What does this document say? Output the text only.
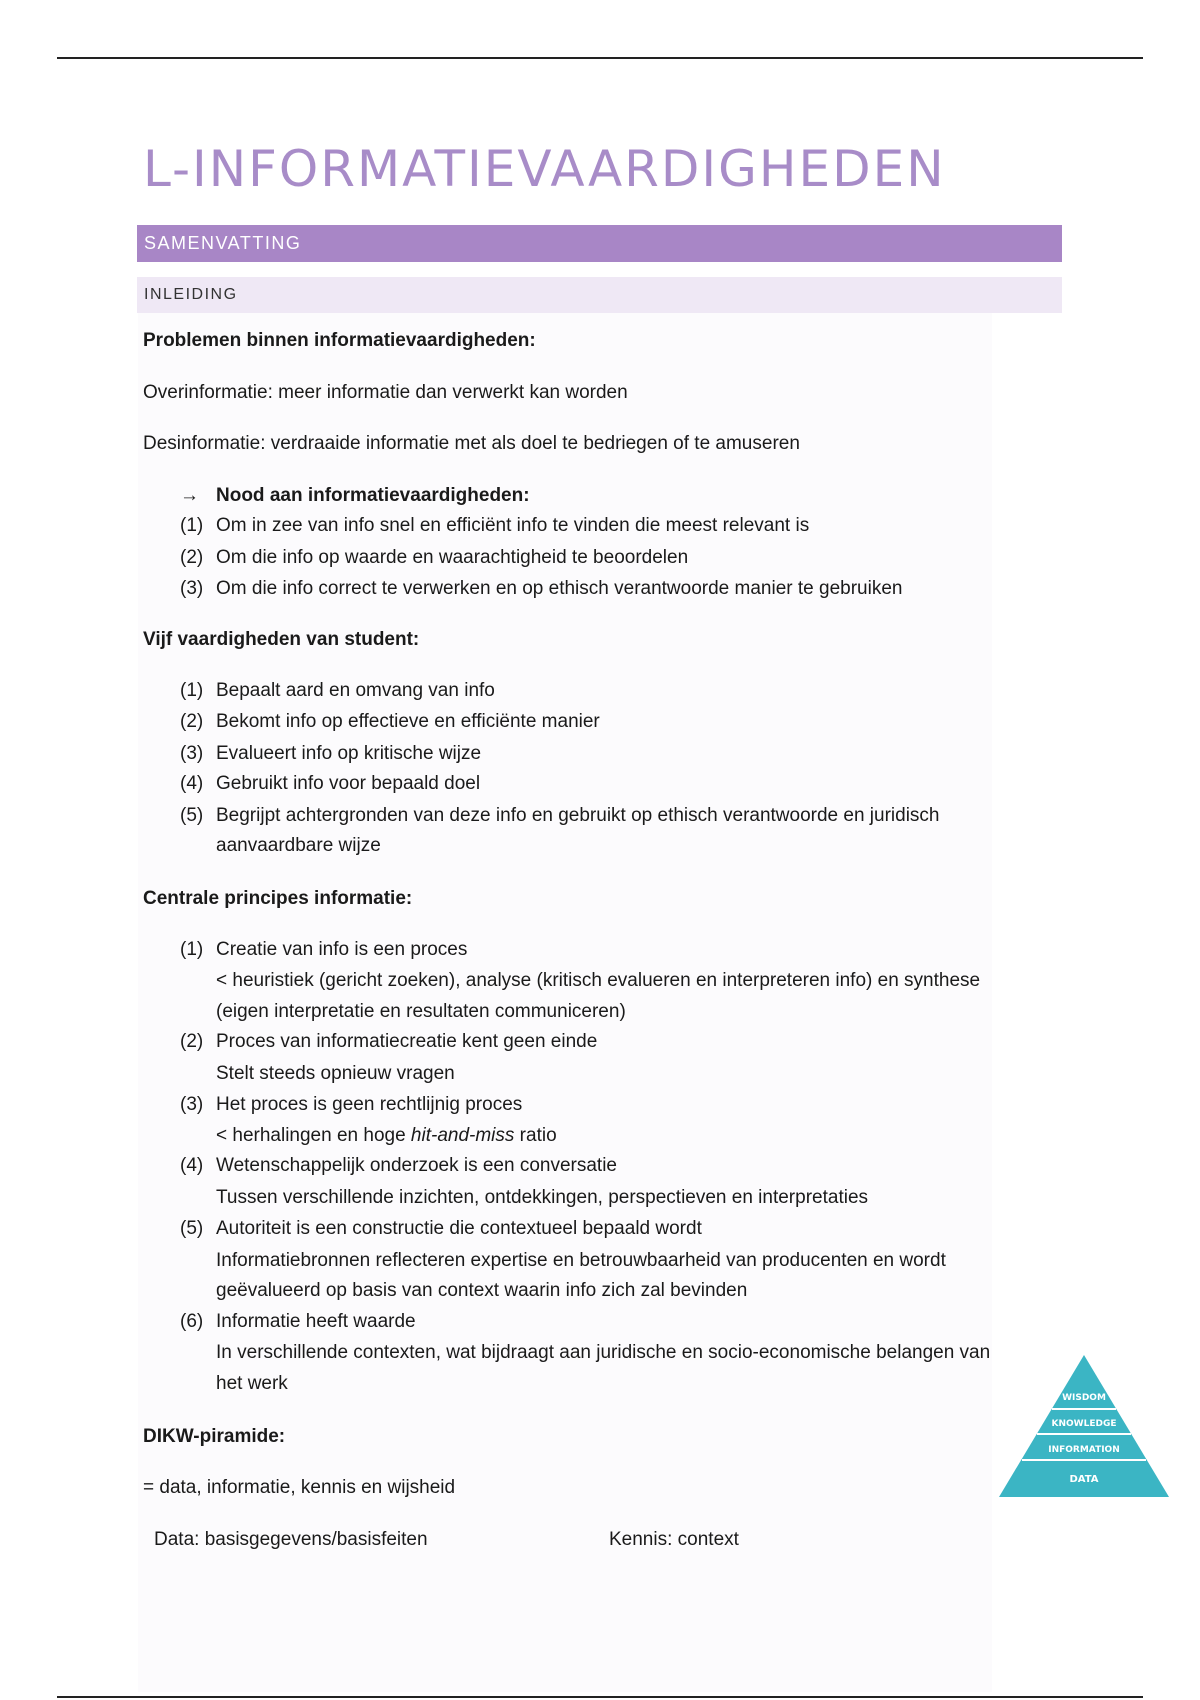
L-INFORMATIEVAARDIGHEDEN
SAMENVATTING
INLEIDING

Problemen binnen informatievaardigheden:

Overinformatie: meer informatie dan verwerkt kan worden

Desinformatie: verdraaide informatie met als doel te bedriegen of te amuseren

→ Nood aan informatievaardigheden:
(1) Om in zee van info snel en efficiënt info te vinden die meest relevant is
(2) Om die info op waarde en waarachtigheid te beoordelen
(3) Om die info correct te verwerken en op ethisch verantwoorde manier te gebruiken

Vijf vaardigheden van student:

(1) Bepaalt aard en omvang van info
(2) Bekomt info op effectieve en efficiënte manier
(3) Evalueert info op kritische wijze
(4) Gebruikt info voor bepaald doel
(5) Begrijpt achtergronden van deze info en gebruikt op ethisch verantwoorde en juridisch
aanvaardbare wijze

Centrale principes informatie:

(1) Creatie van info is een proces
< heuristiek (gericht zoeken), analyse (kritisch evalueren en interpreteren info) en synthese
(eigen interpretatie en resultaten communiceren)
(2) Proces van informatiecreatie kent geen einde
Stelt steeds opnieuw vragen
(3) Het proces is geen rechtlijnig proces
< herhalingen en hoge hit-and-miss ratio
(4) Wetenschappelijk onderzoek is een conversatie
Tussen verschillende inzichten, ontdekkingen, perspectieven en interpretaties
(5) Autoriteit is een constructie die contextueel bepaald wordt
Informatiebronnen reflecteren expertise en betrouwbaarheid van producenten en wordt
geëvalueerd op basis van context waarin info zich zal bevinden
(6) Informatie heeft waarde
In verschillende contexten, wat bijdraagt aan juridische en socio-economische belangen van
het werk

DIKW-piramide:

= data, informatie, kennis en wijsheid

Data: basisgegevens/basisfeiten	Kennis: context
WISDOM
KNOWLEDGE
INFORMATION
DATA
